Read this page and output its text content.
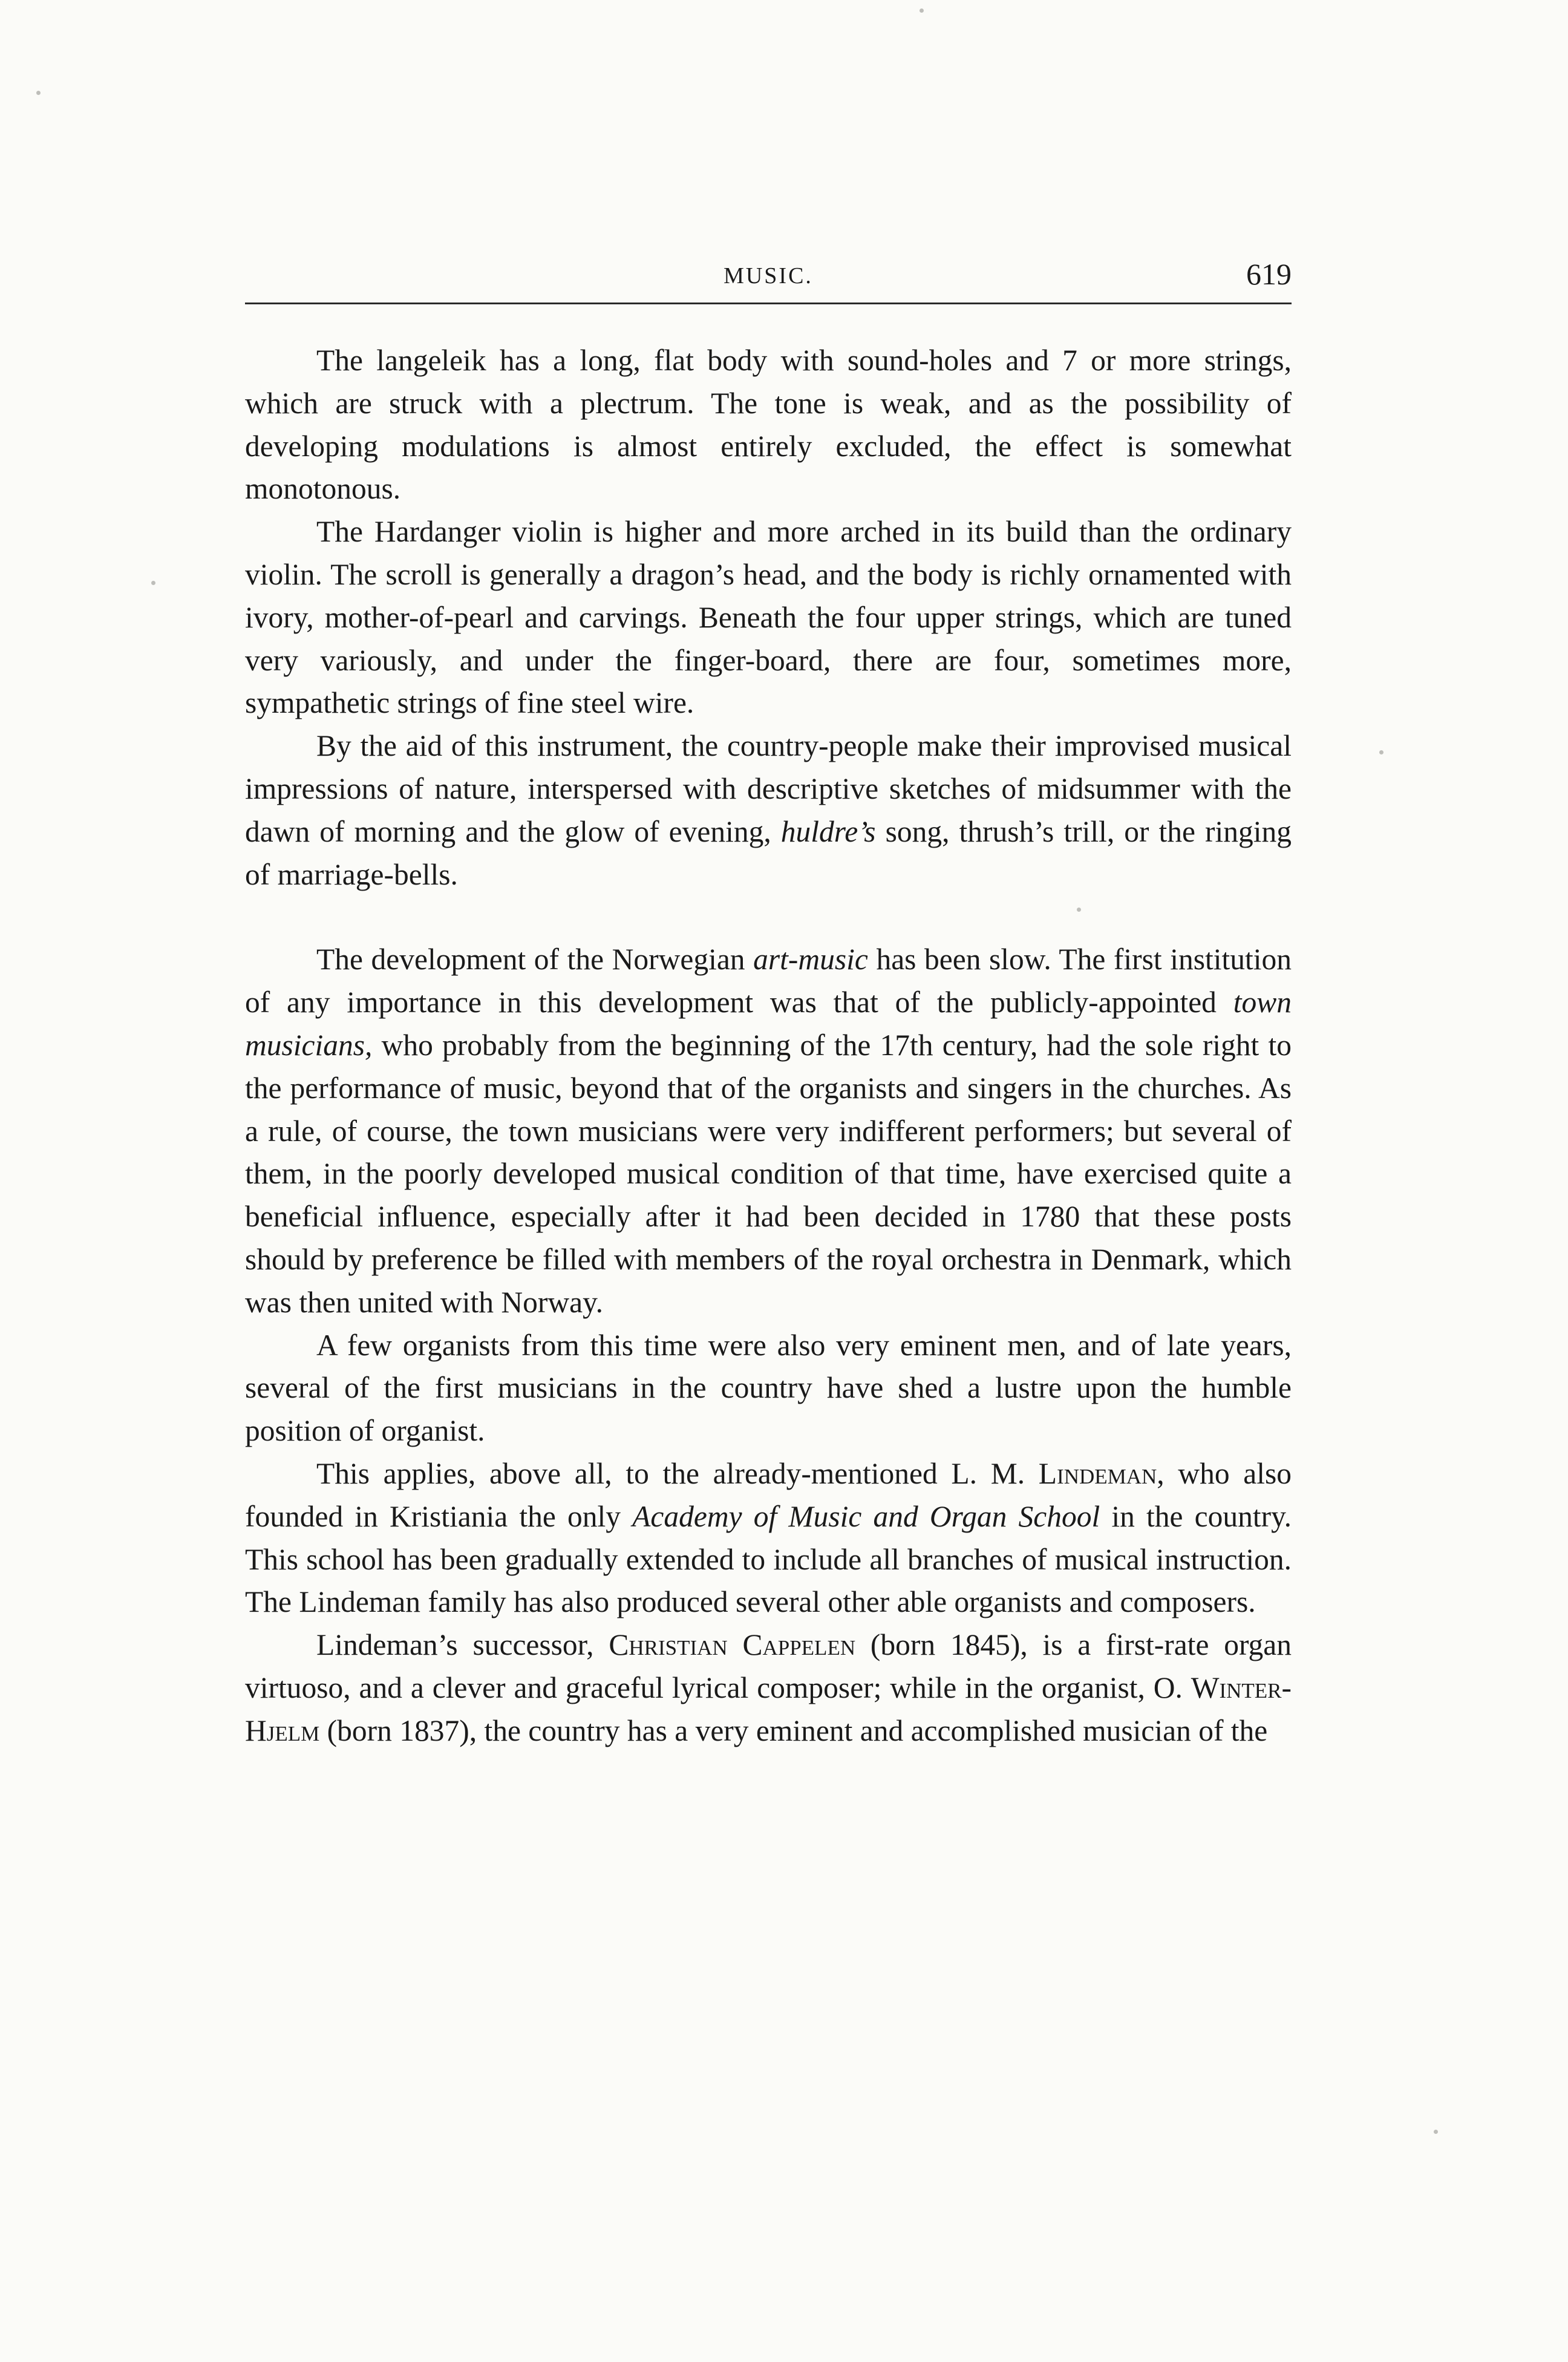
MUSIC.	619

The langeleik has a long, flat body with sound-holes and 7 or more strings, which are struck with a plectrum. The tone is weak, and as the possibility of developing modulations is almost entirely excluded, the effect is somewhat monotonous.

The Hardanger violin is higher and more arched in its build than the ordinary violin. The scroll is generally a dragon’s head, and the body is richly ornamented with ivory, mother-of-pearl and carvings. Beneath the four upper strings, which are tuned very variously, and under the finger-board, there are four, sometimes more, sympathetic strings of fine steel wire.

By the aid of this instrument, the country-people make their improvised musical impressions of nature, interspersed with descriptive sketches of midsummer with the dawn of morning and the glow of evening, huldre’s song, thrush’s trill, or the ringing of marriage-bells.

The development of the Norwegian art-music has been slow. The first institution of any importance in this development was that of the publicly-appointed town musicians, who probably from the beginning of the 17th century, had the sole right to the performance of music, beyond that of the organists and singers in the churches. As a rule, of course, the town musicians were very indifferent performers; but several of them, in the poorly developed musical condition of that time, have exercised quite a beneficial influence, especially after it had been decided in 1780 that these posts should by preference be filled with members of the royal orchestra in Denmark, which was then united with Norway.

A few organists from this time were also very eminent men, and of late years, several of the first musicians in the country have shed a lustre upon the humble position of organist.

This applies, above all, to the already-mentioned L. M. Lindeman, who also founded in Kristiania the only Academy of Music and Organ School in the country. This school has been gradually extended to include all branches of musical instruction. The Lindeman family has also produced several other able organists and composers.

Lindeman’s successor, Christian Cappelen (born 1845), is a first-rate organ virtuoso, and a clever and graceful lyrical composer; while in the organist, O. Winter-Hjelm (born 1837), the country has a very eminent and accomplished musician of the
